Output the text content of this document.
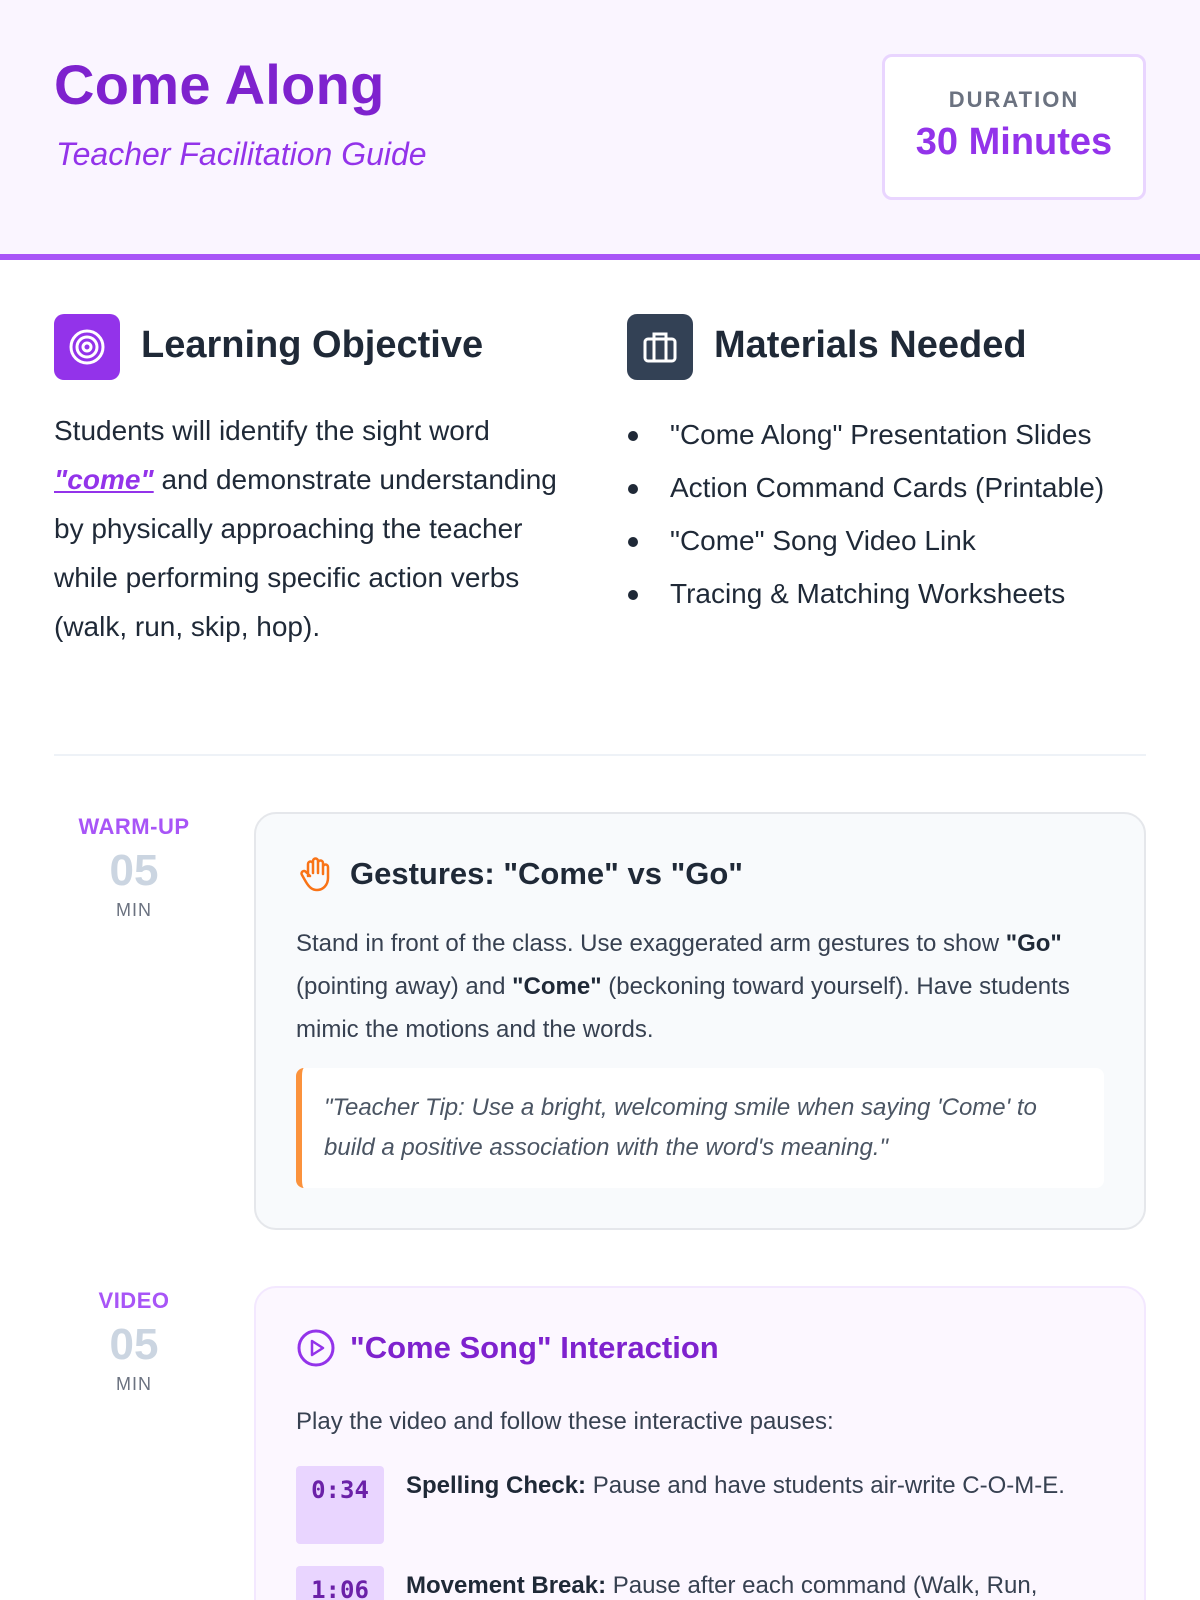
Come Along
Teacher Facilitation Guide
DURATION
30 Minutes
Learning Objective
Students will identify the sight word "come" and demonstrate understanding by physically approaching the teacher while performing specific action verbs (walk, run, skip, hop).
Materials Needed
"Come Along" Presentation Slides
Action Command Cards (Printable)
"Come" Song Video Link
Tracing & Matching Worksheets
WARM-UP
05
MIN
Gestures: "Come" vs "Go"
Stand in front of the class. Use exaggerated arm gestures to show "Go" (pointing away) and "Come" (beckoning toward yourself). Have students mimic the motions and the words.
"Teacher Tip: Use a bright, welcoming smile when saying 'Come' to build a positive association with the word's meaning."
VIDEO
05
MIN
"Come Song" Interaction
Play the video and follow these interactive pauses:
0:34	Spelling Check: Pause and have students air-write C-O-M-E.
1:06	Movement Break: Pause after each command (Walk, Run,
